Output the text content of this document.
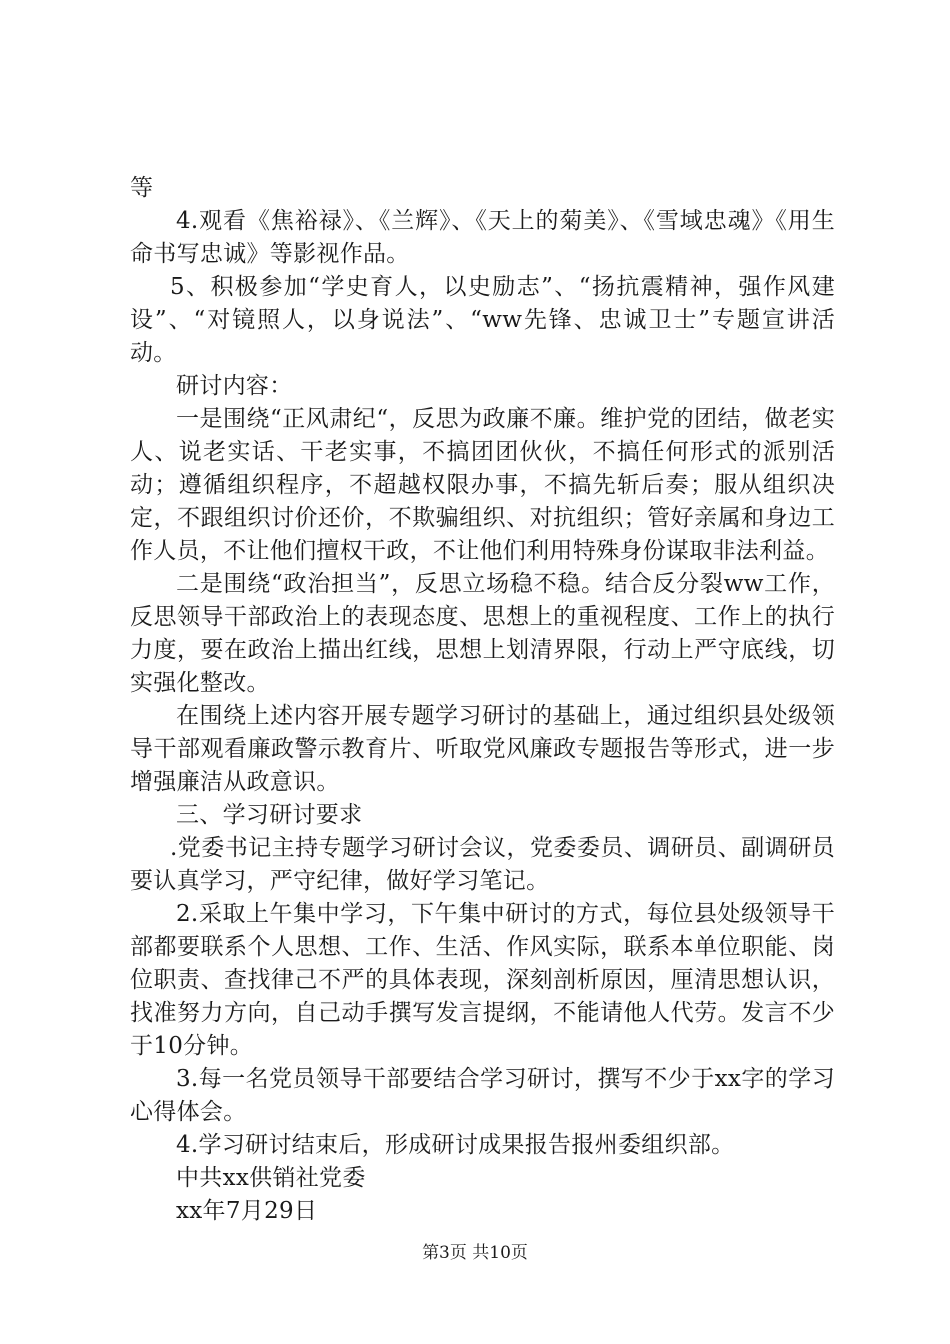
等

4.观看《焦裕禄》、《兰辉》、《天上的菊美》、《雪域忠魂》《用生命书写忠诚》等影视作品。

5、积极参加“学史育人，以史励志”、“扬抗震精神，强作风建设”、“对镜照人，以身说法”、“ww先锋、忠诚卫士”专题宣讲活动。

研讨内容：

一是围绕“正风肃纪“，反思为政廉不廉。维护党的团结，做老实人、说老实话、干老实事，不搞团团伙伙，不搞任何形式的派别活动；遵循组织程序，不超越权限办事，不搞先斩后奏；服从组织决定，不跟组织讨价还价，不欺骗组织、对抗组织；管好亲属和身边工作人员，不让他们擅权干政，不让他们利用特殊身份谋取非法利益。

二是围绕“政治担当”，反思立场稳不稳。结合反分裂ww工作，反思领导干部政治上的表现态度、思想上的重视程度、工作上的执行力度，要在政治上描出红线，思想上划清界限，行动上严守底线，切实强化整改。

在围绕上述内容开展专题学习研讨的基础上，通过组织县处级领导干部观看廉政警示教育片、听取党风廉政专题报告等形式，进一步增强廉洁从政意识。

三、学习研讨要求

.党委书记主持专题学习研讨会议，党委委员、调研员、副调研员要认真学习，严守纪律，做好学习笔记。

2.采取上午集中学习，下午集中研讨的方式，每位县处级领导干部都要联系个人思想、工作、生活、作风实际，联系本单位职能、岗位职责、查找律己不严的具体表现，深刻剖析原因，厘清思想认识，找准努力方向，自己动手撰写发言提纲，不能请他人代劳。发言不少于10分钟。

3.每一名党员领导干部要结合学习研讨，撰写不少于xx字的学习心得体会。

4.学习研讨结束后，形成研讨成果报告报州委组织部。

中共xx供销社党委

xx年7月29日

第3页 共10页
